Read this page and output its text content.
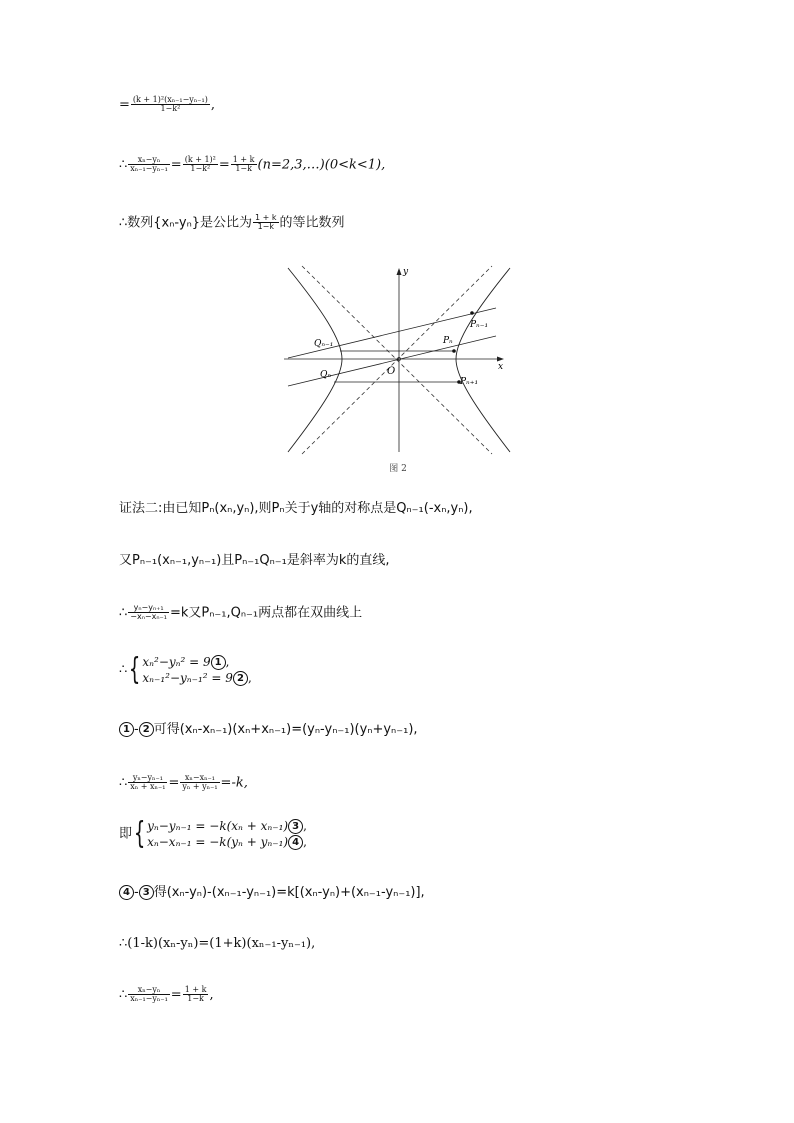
= $\frac{\text{(k + 1)²(xₙ₋₁−yₙ₋₁)}}{\text{1−k²}}$ ,
∴ $\frac{\text{xₙ−yₙ}}{\text{xₙ₋₁−yₙ₋₁}} = \frac{\text{(k + 1)²}}{\text{1−k²}} = \frac{1 + k}{1-k}$ (n=2,3,…)(0<k<1),
∴数列{xₙ-yₙ}是公比为 $\frac{1 + k}{1-k}$ 的等比数列
y
x
O
Qₙ₋₁
Qₙ
Pₙ
Pₙ₋₁
Pₙ₊₁
图 2
证法二:由已知Pₙ(xₙ,yₙ),则Pₙ关于y轴的对称点是Qₙ₋₁(-xₙ,yₙ),
又Pₙ₋₁(xₙ₋₁,yₙ₋₁)且Pₙ₋₁Qₙ₋₁是斜率为k的直线,
∴ $\frac{\text{yₙ−yₙ₊₁}}{\text{−xₙ−xₙ₋₁}} =k$又Pₙ₋₁,Qₙ₋₁两点都在双曲线上
∴{ xₙ²−yₙ² = 9 1 ,
xₙ₋₁²−yₙ₋₁² = 9 2 ,
1 - 2 可得(xₙ-xₙ₋₁)(xₙ+xₙ₋₁)=(yₙ-yₙ₋₁)(yₙ+yₙ₋₁),
∴ $\frac{\text{yₙ−yₙ₋₁}}{\text{xₙ + xₙ₋₁}} = \frac{\text{xₙ−xₙ₋₁}}{\text{yₙ + yₙ₋₁}} =-k$,
即{ yₙ−yₙ₋₁ = −k(xₙ + xₙ₋₁) 3 ,
xₙ−xₙ₋₁ = −k(yₙ + yₙ₋₁) 4 ,
4 - 3 得(xₙ-yₙ)-(xₙ₋₁-yₙ₋₁)=k[(xₙ-yₙ)+(xₙ₋₁-yₙ₋₁)],
∴(1-k)(xₙ-yₙ)=(1+k)(xₙ₋₁-yₙ₋₁),
∴ $\frac{\text{xₙ−yₙ}}{\text{xₙ₋₁−yₙ₋₁}} = \frac{1 + k}{1-k}$ ,
